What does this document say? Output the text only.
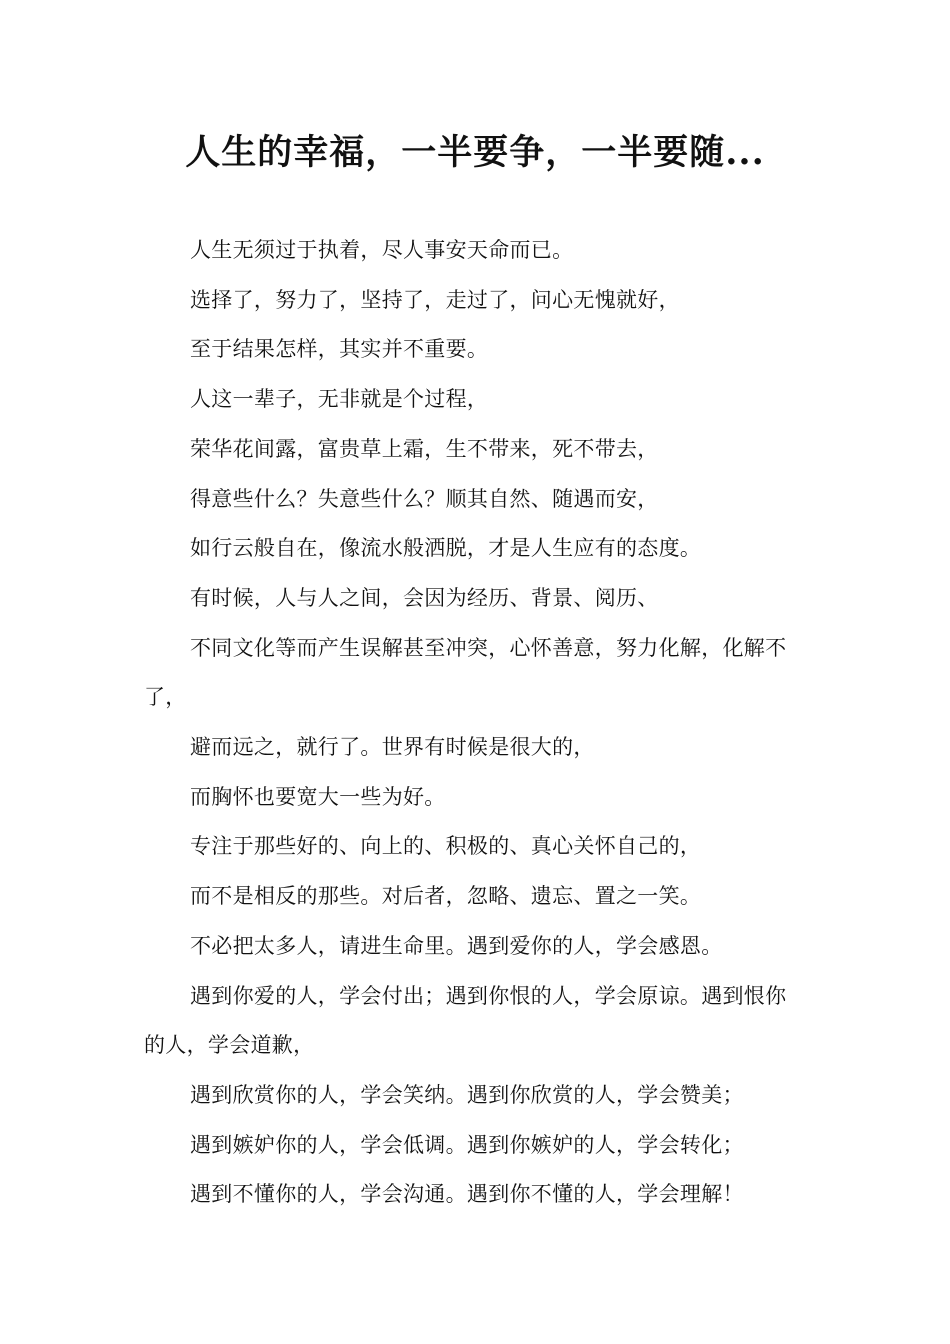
人生的幸福，一半要争，一半要随...

人生无须过于执着，尽人事安天命而已。

选择了，努力了，坚持了，走过了，问心无愧就好，

至于结果怎样，其实并不重要。

人这一辈子，无非就是个过程，

荣华花间露，富贵草上霜，生不带来，死不带去，

得意些什么？失意些什么？顺其自然、随遇而安，

如行云般自在，像流水般洒脱，才是人生应有的态度。

有时候，人与人之间，会因为经历、背景、阅历、

不同文化等而产生误解甚至冲突，心怀善意，努力化解，化解不了，

避而远之，就行了。世界有时候是很大的，

而胸怀也要宽大一些为好。

专注于那些好的、向上的、积极的、真心关怀自己的，

而不是相反的那些。对后者，忽略、遗忘、置之一笑。

不必把太多人，请进生命里。遇到爱你的人，学会感恩。

遇到你爱的人，学会付出；遇到你恨的人，学会原谅。遇到恨你的人，学会道歉，

遇到欣赏你的人，学会笑纳。遇到你欣赏的人，学会赞美；

遇到嫉妒你的人，学会低调。遇到你嫉妒的人，学会转化；

遇到不懂你的人，学会沟通。遇到你不懂的人，学会理解！
